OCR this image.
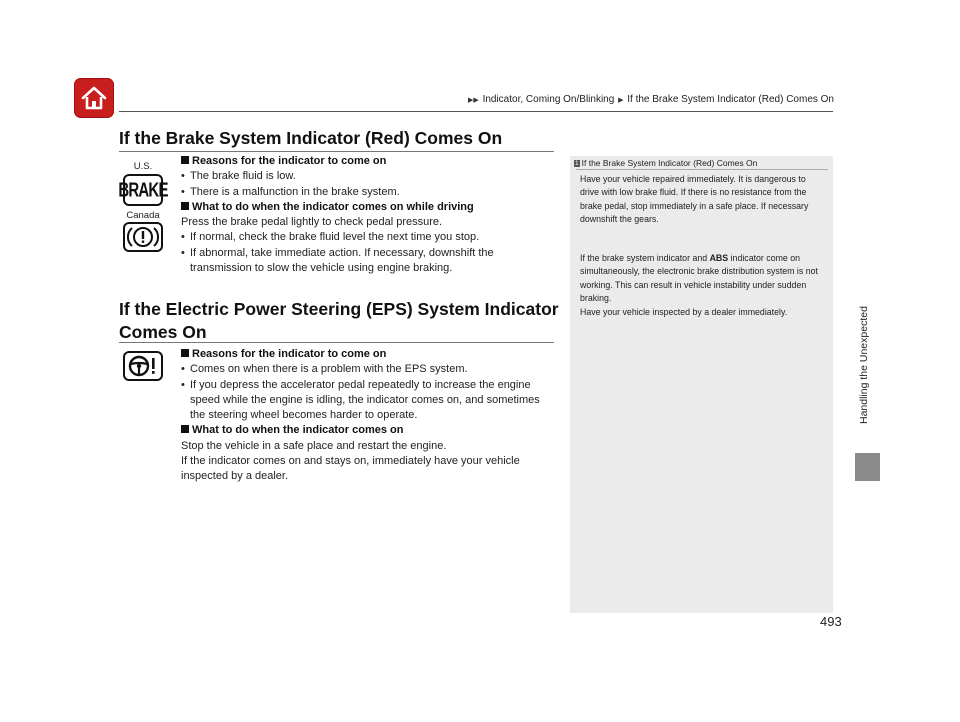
▶▶ Indicator, Coming On/Blinking ▶ If the Brake System Indicator (Red) Comes On
If the Brake System Indicator (Red) Comes On
U.S.
BRAKE
Canada

Reasons for the indicator to come on

• The brake fluid is low.

• There is a malfunction in the brake system.

What to do when the indicator comes on while driving

Press the brake pedal lightly to check pedal pressure.

• If normal, check the brake fluid level the next time you stop.

• If abnormal, take immediate action. If necessary, downshift the transmission to slow the vehicle using engine braking.

If the Electric Power Steering (EPS) System Indicator
Comes On

Reasons for the indicator to come on

• Comes on when there is a problem with the EPS system.

• If you depress the accelerator pedal repeatedly to increase the engine speed while the engine is idling, the indicator comes on, and sometimes the steering wheel becomes harder to operate.

What to do when the indicator comes on

Stop the vehicle in a safe place and restart the engine.

If the indicator comes on and stays on, immediately have your vehicle inspected by a dealer.

1 If the Brake System Indicator (Red) Comes On

Have your vehicle repaired immediately. It is dangerous to drive with low brake fluid. If there is no resistance from the brake pedal, stop immediately in a safe place. If necessary downshift the gears.

If the brake system indicator and ABS indicator come on simultaneously, the electronic brake distribution system is not working. This can result in vehicle instability under sudden braking.

Have your vehicle inspected by a dealer immediately.	Handling the Unexpected
493
